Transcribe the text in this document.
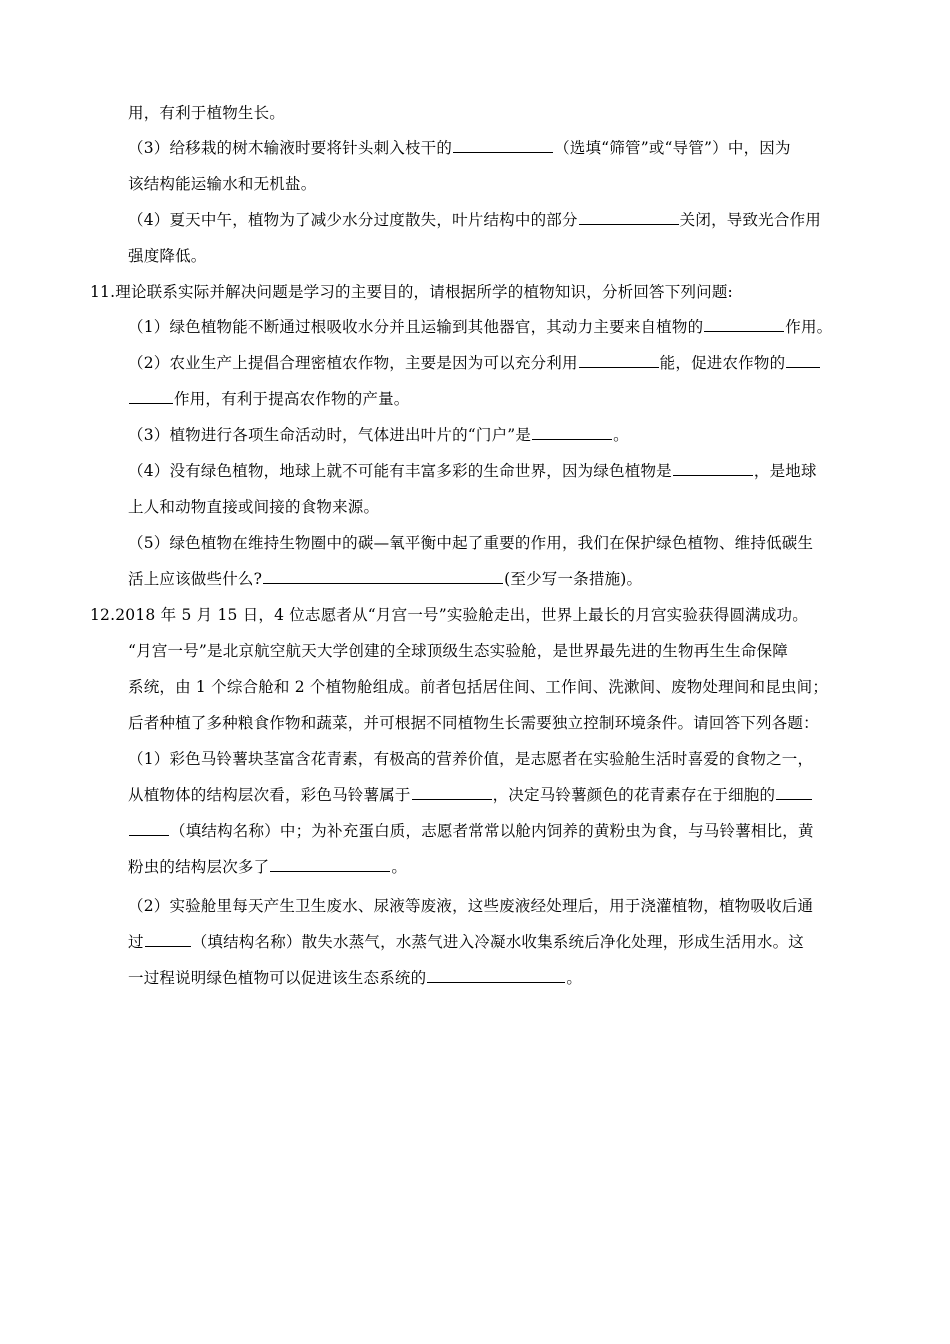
用，有利于植物生长。
（3）给移栽的树木输液时要将针头刺入枝干的	（选填“筛管”或“导管”）中，因为
该结构能运输水和无机盐。
（4）夏天中午，植物为了减少水分过度散失，叶片结构中的部分	关闭，导致光合作用
强度降低。
11.理论联系实际并解决问题是学习的主要目的，请根据所学的植物知识，分析回答下列问题:
（1）绿色植物能不断通过根吸收水分并且运输到其他器官，其动力主要来自植物的	作用。
（2）农业生产上提倡合理密植农作物，主要是因为可以充分利用	能，促进农作物的
作用，有利于提高农作物的产量。
（3）植物进行各项生命活动时，气体进出叶片的“门户”是	。
（4）没有绿色植物，地球上就不可能有丰富多彩的生命世界，因为绿色植物是	，是地球
上人和动物直接或间接的食物来源。
（5）绿色植物在维持生物圈中的碳—氧平衡中起了重要的作用，我们在保护绿色植物、维持低碳生
活上应该做些什么?	(至少写一条措施)。
12.2018 年 5 月 15 日，4 位志愿者从“月宫一号”实验舱走出，世界上最长的月宫实验获得圆满成功。
“月宫一号”是北京航空航天大学创建的全球顶级生态实验舱，是世界最先进的生物再生生命保障
系统，由 1 个综合舱和 2 个植物舱组成。前者包括居住间、工作间、洗漱间、废物处理间和昆虫间；
后者种植了多种粮食作物和蔬菜，并可根据不同植物生长需要独立控制环境条件。请回答下列各题：
（1）彩色马铃薯块茎富含花青素，有极高的营养价值，是志愿者在实验舱生活时喜爱的食物之一，
从植物体的结构层次看，彩色马铃薯属于	，决定马铃薯颜色的花青素存在于细胞的
（填结构名称）中；为补充蛋白质，志愿者常常以舱内饲养的黄粉虫为食，与马铃薯相比，黄
粉虫的结构层次多了	。
（2）实验舱里每天产生卫生废水、尿液等废液，这些废液经处理后，用于浇灌植物，植物吸收后通
过	（填结构名称）散失水蒸气，水蒸气进入冷凝水收集系统后净化处理，形成生活用水。这
一过程说明绿色植物可以促进该生态系统的	。
